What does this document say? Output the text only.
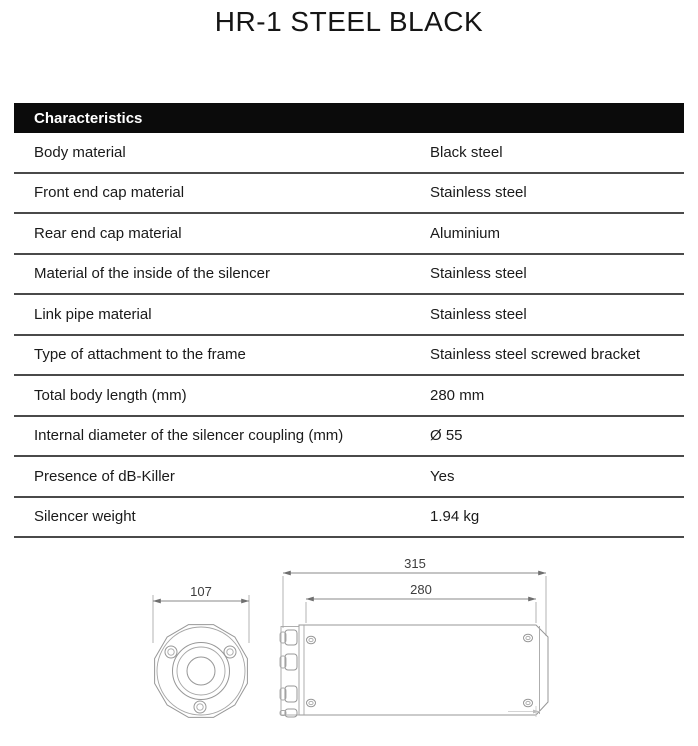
HR-1 STEEL BLACK
Characteristics
Body material	Black steel
Front end cap material	Stainless steel
Rear end cap material	Aluminium
Material of the inside of the silencer	Stainless steel
Link pipe material	Stainless steel
Type of attachment to the frame	Stainless steel screwed bracket
Total body length (mm)	280 mm
Internal diameter of the silencer coupling (mm)	Ø 55
Presence of dB-Killer	Yes
Silencer weight	1.94 kg
107
315
280
